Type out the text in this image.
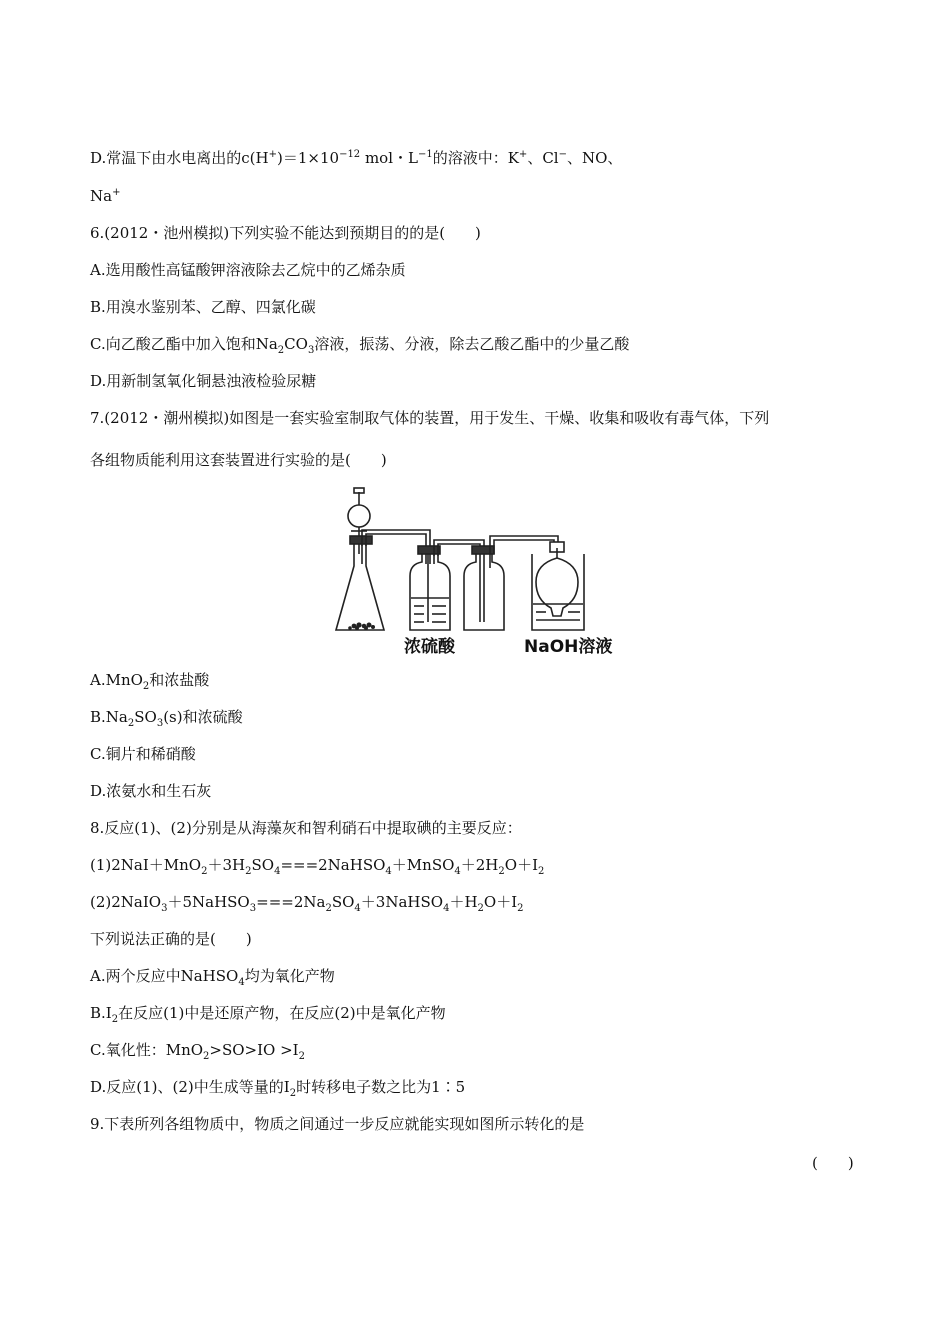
D.常温下由水电离出的$c(H^+)=1\times 10^{-12}$ mol・$L^{-1}$的溶液中：K+、Cl−、NO、
Na+
6.(2012・池州模拟)下列实验不能达到预期目的的是(　　)
A.选用酸性高锰酸钾溶液除去乙烷中的乙烯杂质
B.用溴水鉴别苯、乙醇、四氯化碳
C.向乙酸乙酯中加入饱和$Na_2CO_3$溶液，振荡、分液，除去乙酸乙酯中的少量乙酸
D.用新制氢氧化铜悬浊液检验尿糖
7.(2012・潮州模拟)如图是一套实验室制取气体的装置，用于发生、干燥、收集和吸收有毒气体，下列
各组物质能利用这套装置进行实验的是(　　)
浓硫酸	NaOH溶液
A.MnO$_2$和浓盐酸
$B.Na_2SO_3(s)$和浓硫酸
C.铜片和稀硝酸
D.浓氨水和生石灰
8.反应(1)、(2)分别是从海藻灰和智利硝石中提取碘的主要反应：
$(1)2NaI+MnO_2+3H_2SO_4===2NaHSO_4+MnSO_4+2H_2O+I_2$
$(2)2NaIO_3+5NaHSO_3===2Na_2SO_4+3NaHSO_4+H_2O+I_2$
下列说法正确的是(　　)
A.两个反应中NaHSO$_4$均为氧化产物
$B.I_2$在反应(1)中是还原产物，在反应(2)中是氧化产物
C.氧化性：$MnO_2>SO>IO >I_2$
D.反应(1)、(2)中生成等量的$I_2$时转移电子数之比为1∶5
9.下表所列各组物质中，物质之间通过一步反应就能实现如图所示转化的是
(　　)
